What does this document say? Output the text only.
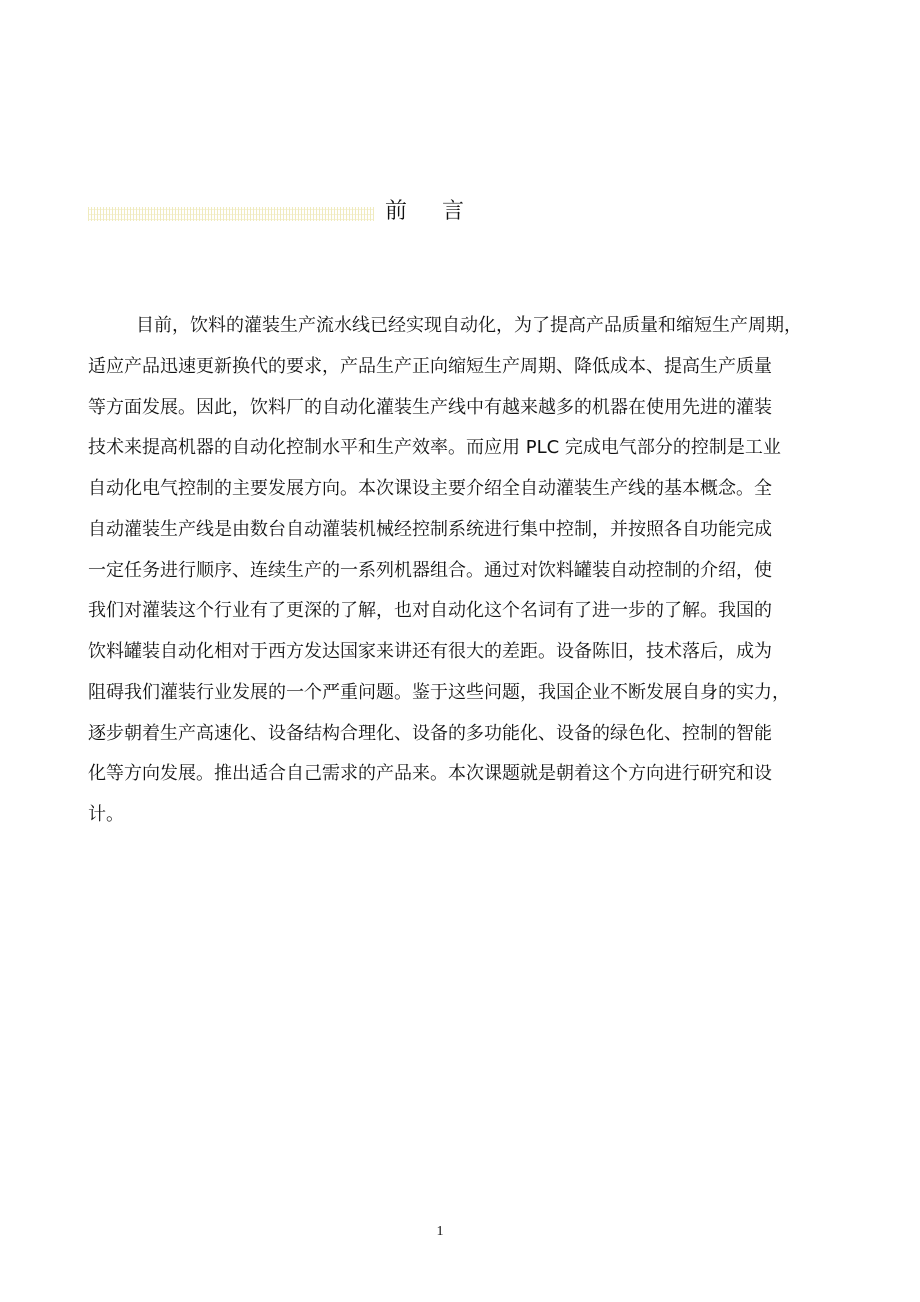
前 言
目前，饮料的灌装生产流水线已经实现自动化，为了提高产品质量和缩短生产周期，
适应产品迅速更新换代的要求，产品生产正向缩短生产周期、降低成本、提高生产质量
等方面发展。因此，饮料厂的自动化灌装生产线中有越来越多的机器在使用先进的灌装
技术来提高机器的自动化控制水平和生产效率。而应用 PLC 完成电气部分的控制是工业
自动化电气控制的主要发展方向。本次课设主要介绍全自动灌装生产线的基本概念。全
自动灌装生产线是由数台自动灌装机械经控制系统进行集中控制，并按照各自功能完成
一定任务进行顺序、连续生产的一系列机器组合。通过对饮料罐装自动控制的介绍，使
我们对灌装这个行业有了更深的了解，也对自动化这个名词有了进一步的了解。我国的
饮料罐装自动化相对于西方发达国家来讲还有很大的差距。设备陈旧，技术落后，成为
阻碍我们灌装行业发展的一个严重问题。鉴于这些问题，我国企业不断发展自身的实力，
逐步朝着生产高速化、设备结构合理化、设备的多功能化、设备的绿色化、控制的智能
化等方向发展。推出适合自己需求的产品来。本次课题就是朝着这个方向进行研究和设
计。
1
